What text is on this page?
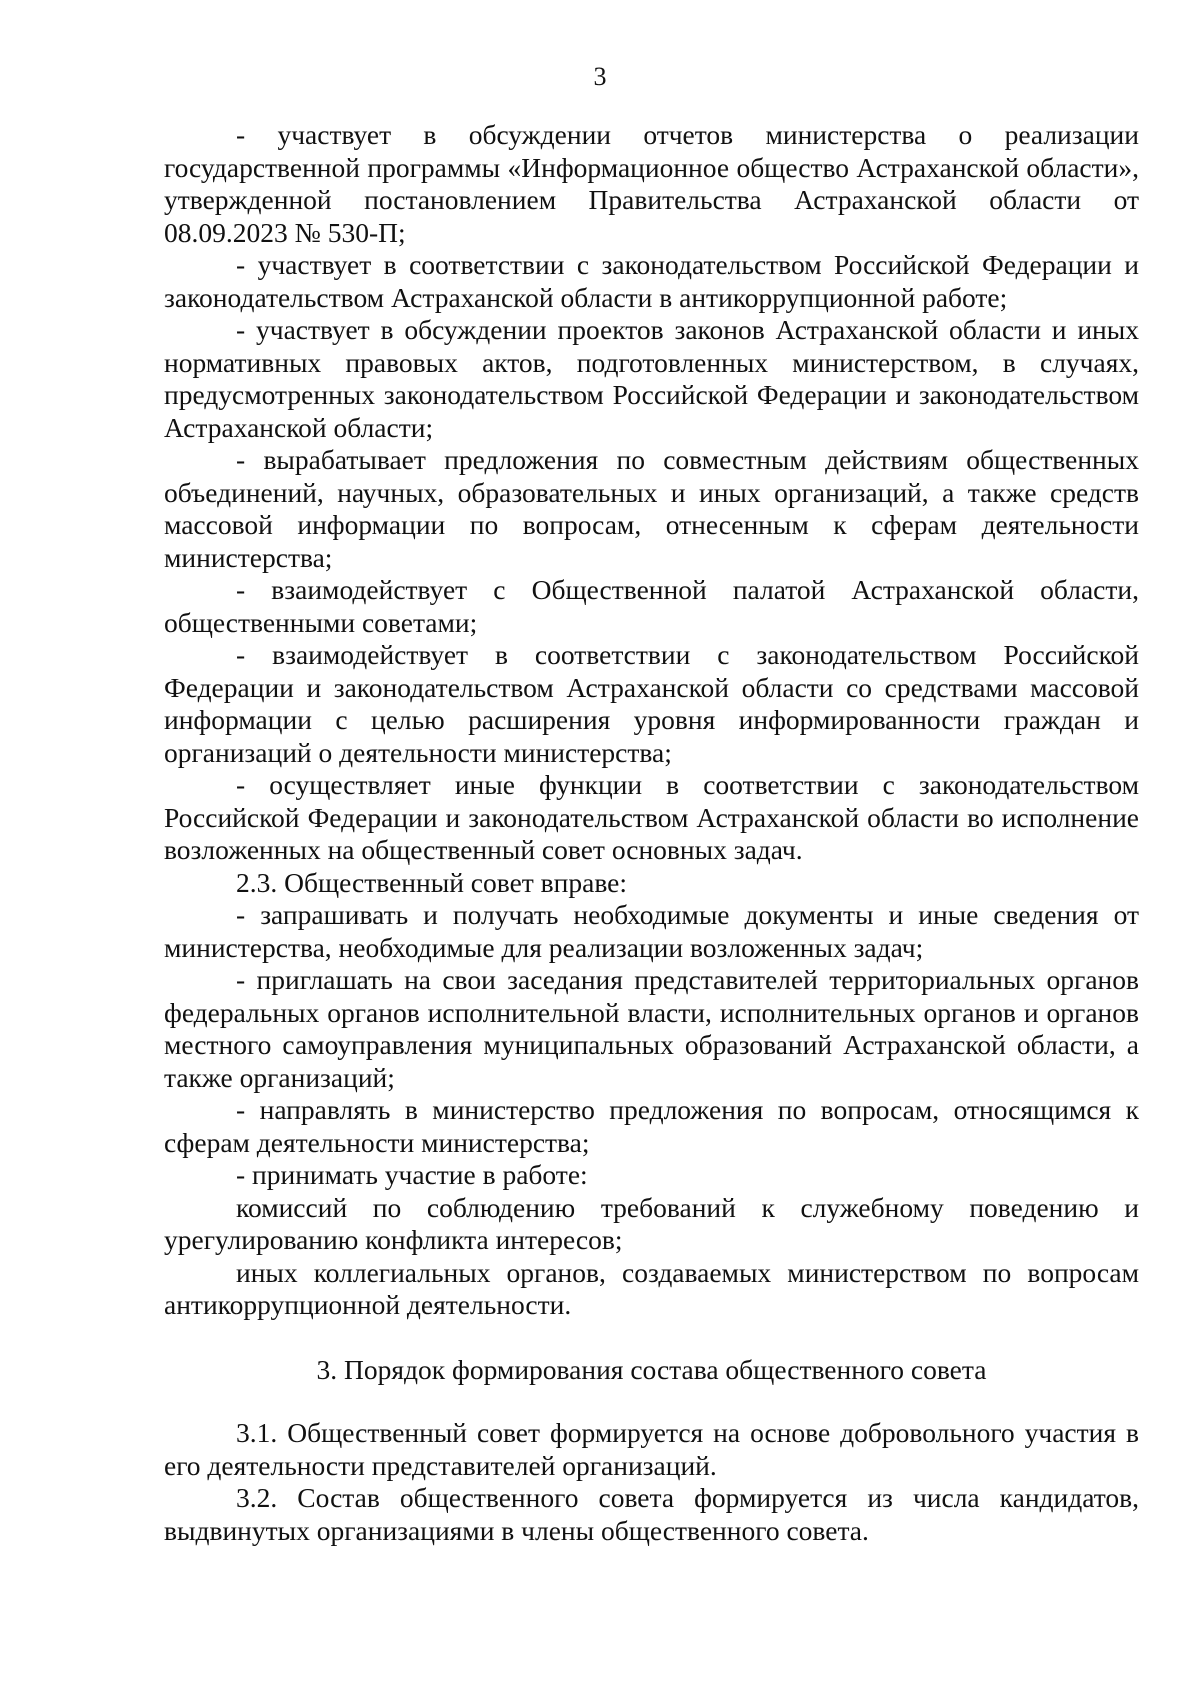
3

- участвует в обсуждении отчетов министерства о реализации государственной программы «Информационное общество Астраханской области», утвержденной постановлением Правительства Астраханской области от 08.09.2023 № 530-П;

- участвует в соответствии с законодательством Российской Федерации и законодательством Астраханской области в антикоррупционной работе;

- участвует в обсуждении проектов законов Астраханской области и иных нормативных правовых актов, подготовленных министерством, в случаях, предусмотренных законодательством Российской Федерации и законодательством Астраханской области;

- вырабатывает предложения по совместным действиям общественных объединений, научных, образовательных и иных организаций, а также средств массовой информации по вопросам, отнесенным к сферам деятельности министерства;

- взаимодействует с Общественной палатой Астраханской области, общественными советами;

- взаимодействует в соответствии с законодательством Российской Федерации и законодательством Астраханской области со средствами массовой информации с целью расширения уровня информированности граждан и организаций о деятельности министерства;

- осуществляет иные функции в соответствии с законодательством Российской Федерации и законодательством Астраханской области во исполнение возложенных на общественный совет основных задач.

2.3. Общественный совет вправе:

- запрашивать и получать необходимые документы и иные сведения от министерства, необходимые для реализации возложенных задач;

- приглашать на свои заседания представителей территориальных органов федеральных органов исполнительной власти, исполнительных органов и органов местного самоуправления муниципальных образований Астраханской области, а также организаций;

- направлять в министерство предложения по вопросам, относящимся к сферам деятельности министерства;

- принимать участие в работе:

комиссий по соблюдению требований к служебному поведению и урегулированию конфликта интересов;

иных коллегиальных органов, создаваемых министерством по вопросам антикоррупционной деятельности.

3. Порядок формирования состава общественного совета

3.1. Общественный совет формируется на основе добровольного участия в его деятельности представителей организаций.

3.2. Состав общественного совета формируется из числа кандидатов, выдвинутых организациями в члены общественного совета.
